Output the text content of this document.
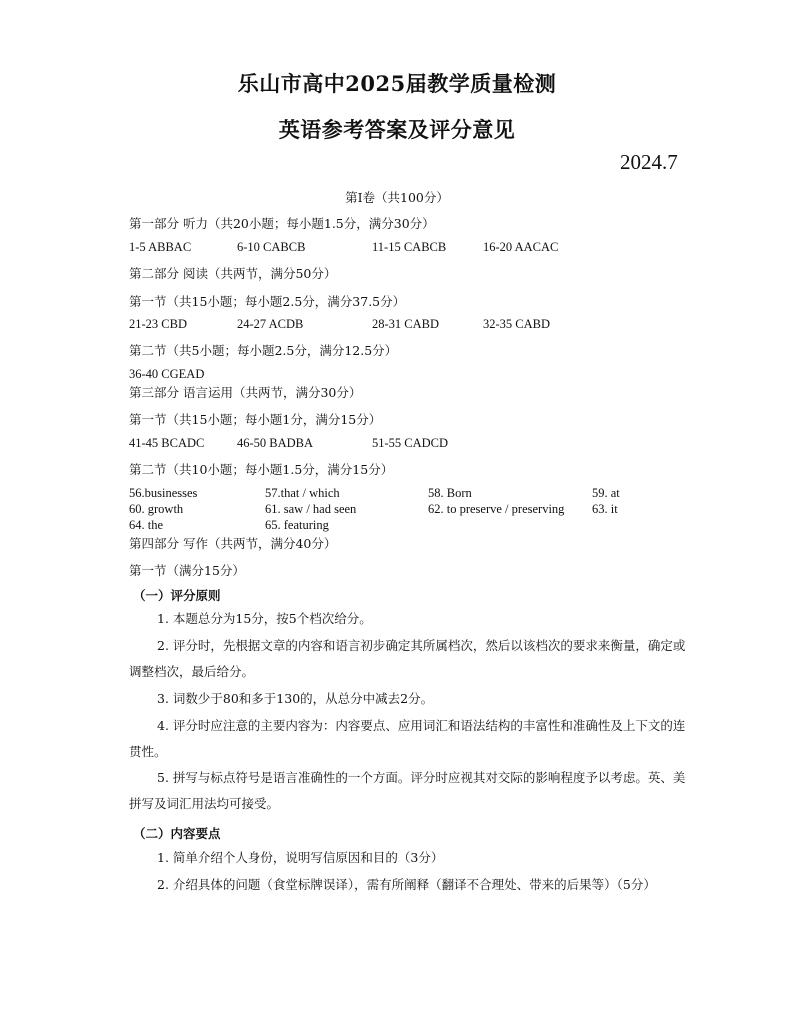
乐山市高中2025届教学质量检测
英语参考答案及评分意见
2024.7
第Ⅰ卷（共100分）
第一部分 听力（共20小题；每小题1.5分，满分30分）
1-5 ABBAC	6-10 CABCB	11-15 CABCB	16-20 AACAC
第二部分 阅读（共两节，满分50分）
第一节（共15小题；每小题2.5分，满分37.5分）
21-23 CBD	24-27 ACDB	28-31 CABD	32-35 CABD
第二节（共5小题；每小题2.5分，满分12.5分）
36-40 CGEAD
第三部分 语言运用（共两节，满分30分）
第一节（共15小题；每小题1分，满分15分）
41-45 BCADC	46-50 BADBA	51-55 CADCD
第二节（共10小题；每小题1.5分，满分15分）
56.businesses	57.that / which	58. Born	59. at
60. growth	61. saw / had seen	62. to preserve / preserving 63. it
64. the	65. featuring
第四部分 写作（共两节，满分40分）
第一节（满分15分）
（一）评分原则
1. 本题总分为15分，按5个档次给分。
2. 评分时，先根据文章的内容和语言初步确定其所属档次，然后以该档次的要求来衡量，确定或调整档次，最后给分。
3. 词数少于80和多于130的，从总分中减去2分。
4. 评分时应注意的主要内容为：内容要点、应用词汇和语法结构的丰富性和准确性及上下文的连贯性。
5. 拼写与标点符号是语言准确性的一个方面。评分时应视其对交际的影响程度予以考虑。英、美拼写及词汇用法均可接受。
（二）内容要点
1. 简单介绍个人身份，说明写信原因和目的（3分）
2. 介绍具体的问题（食堂标牌误译），需有所阐释（翻译不合理处、带来的后果等）（5分）
